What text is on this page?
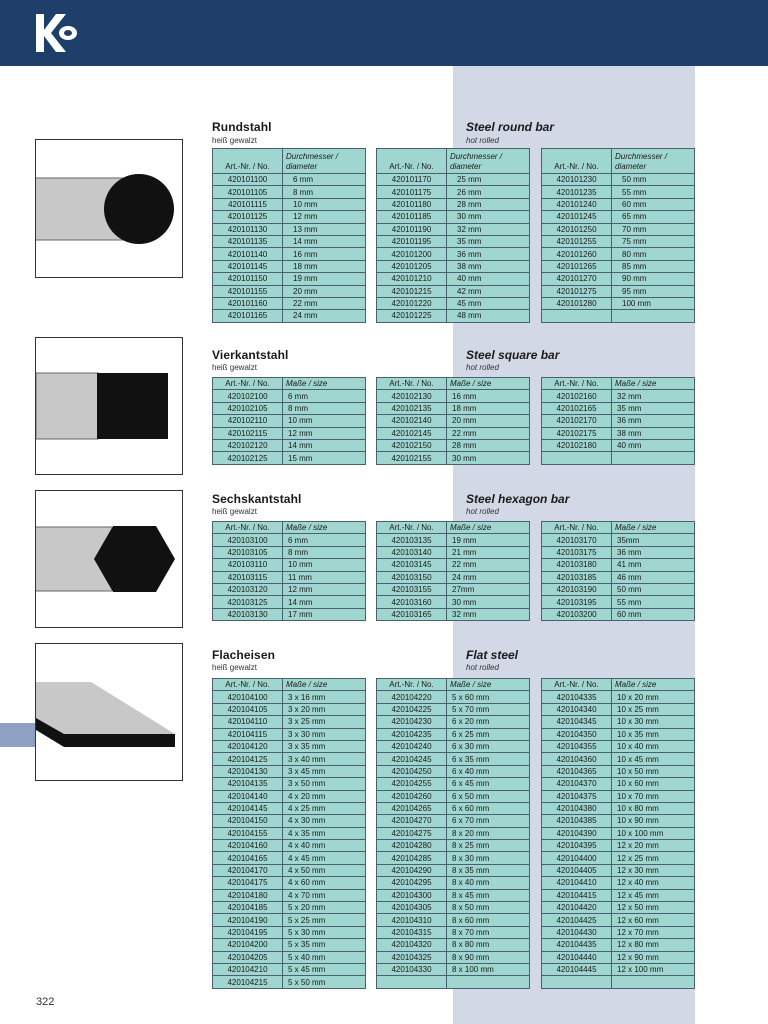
Rundstahl
heiß gewalzt
Steel round bar
hot rolled
Vierkantstahl
heiß gewalzt
Steel square bar
hot rolled
Sechskantstahl
heiß gewalzt
Steel hexagon bar
hot rolled
Flacheisen
heiß gewalzt
Flat steel
hot rolled
Art.-Nr. / No.	Durchmesser /
diameter

420101100	6 mm
420101105	8 mm
420101115	10 mm
420101125	12 mm
420101130	13 mm
420101135	14 mm
420101140	16 mm
420101145	18 mm
420101150	19 mm
420101155	20 mm
420101160	22 mm
420101165	24 mm
Art.-Nr. / No.	Durchmesser /
diameter

420101170	25 mm
420101175	26 mm
420101180	28 mm
420101185	30 mm
420101190	32 mm
420101195	35 mm
420101200	36 mm
420101205	38 mm
420101210	40 mm
420101215	42 mm
420101220	45 mm
420101225	48 mm
Art.-Nr. / No.	Durchmesser /
diameter

420101230	50 mm
420101235	55 mm
420101240	60 mm
420101245	65 mm
420101250	70 mm
420101255	75 mm
420101260	80 mm
420101265	85 mm
420101270	90 mm
420101275	95 mm
420101280	100 mm

Art.-Nr. / No.	Maße / size
420102100	6 mm
420102105	8 mm
420102110	10 mm
420102115	12 mm
420102120	14 mm
420102125	15 mm
Art.-Nr. / No.	Maße / size
420102130	16 mm
420102135	18 mm
420102140	20 mm
420102145	22 mm
420102150	28 mm
420102155	30 mm
Art.-Nr. / No.	Maße / size
420102160	32 mm
420102165	35 mm
420102170	36 mm
420102175	38 mm
420102180	40 mm

Art.-Nr. / No.	Maße / size
420103100	6 mm
420103105	8 mm
420103110	10 mm
420103115	11 mm
420103120	12 mm
420103125	14 mm
420103130	17 mm
Art.-Nr. / No.	Maße / size
420103135	19 mm
420103140	21 mm
420103145	22 mm
420103150	24 mm
420103155	27mm
420103160	30 mm
420103165	32 mm
Art.-Nr. / No.	Maße / size
420103170	35mm
420103175	36 mm
420103180	41 mm
420103185	46 mm
420103190	50 mm
420103195	55 mm
420103200	60 mm
Art.-Nr. / No.	Maße / size
420104100	3 x 16 mm
420104105	3 x 20 mm
420104110	3 x 25 mm
420104115	3 x 30 mm
420104120	3 x 35 mm
420104125	3 x 40 mm
420104130	3 x 45 mm
420104135	3 x 50 mm
420104140	4 x 20 mm
420104145	4 x 25 mm
420104150	4 x 30 mm
420104155	4 x 35 mm
420104160	4 x 40 mm
420104165	4 x 45 mm
420104170	4 x 50 mm
420104175	4 x 60 mm
420104180	4 x 70 mm
420104185	5 x 20 mm
420104190	5 x 25 mm
420104195	5 x 30 mm
420104200	5 x 35 mm
420104205	5 x 40 mm
420104210	5 x 45 mm
420104215	5 x 50 mm
Art.-Nr. / No.	Maße / size
420104220	5 x 60 mm
420104225	5 x 70 mm
420104230	6 x 20 mm
420104235	6 x 25 mm
420104240	6 x 30 mm
420104245	6 x 35 mm
420104250	6 x 40 mm
420104255	6 x 45 mm
420104260	6 x 50 mm
420104265	6 x 60 mm
420104270	6 x 70 mm
420104275	8 x 20 mm
420104280	8 x 25 mm
420104285	8 x 30 mm
420104290	8 x 35 mm
420104295	8 x 40 mm
420104300	8 x 45 mm
420104305	8 x 50 mm
420104310	8 x 60 mm
420104315	8 x 70 mm
420104320	8 x 80 mm
420104325	8 x 90 mm
420104330	8 x 100 mm

Art.-Nr. / No.	Maße / size
420104335	10 x 20 mm
420104340	10 x 25 mm
420104345	10 x 30 mm
420104350	10 x 35 mm
420104355	10 x 40 mm
420104360	10 x 45 mm
420104365	10 x 50 mm
420104370	10 x 60 mm
420104375	10 x 70 mm
420104380	10 x 80 mm
420104385	10 x 90 mm
420104390	10 x 100 mm
420104395	12 x 20 mm
420104400	12 x 25 mm
420104405	12 x 30 mm
420104410	12 x 40 mm
420104415	12 x 45 mm
420104420	12 x 50 mm
420104425	12 x 60 mm
420104430	12 x 70 mm
420104435	12 x 80 mm
420104440	12 x 90 mm
420104445	12 x 100 mm

322
